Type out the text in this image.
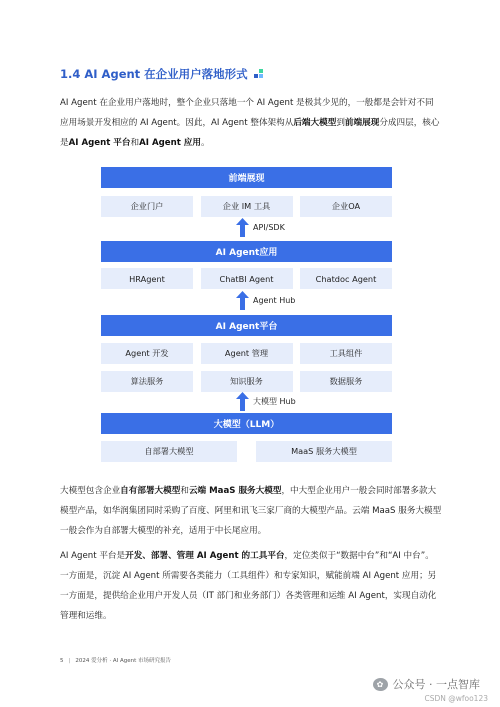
1.4 AI Agent 在企业用户落地形式
AI Agent 在企业用户落地时，整个企业只落地一个 AI Agent 是极其少见的，一般都是会针对不同应用场景开发相应的 AI Agent。因此，AI Agent 整体架构从后端大模型到前端展现分成四层，核心是AI Agent 平台和AI Agent 应用。
前端展现
企业门户	企业 IM 工具	企业OA
API/SDK
AI Agent应用
HRAgent	ChatBI Agent	Chatdoc Agent
Agent Hub
AI Agent平台
Agent 开发	Agent 管理	工具组件
算法服务	知识服务	数据服务
大模型 Hub
大模型（LLM）
自部署大模型	MaaS 服务大模型
大模型包含企业自有部署大模型和云端 MaaS 服务大模型，中大型企业用户一般会同时部署多款大模型产品，如华润集团同时采购了百度、阿里和讯飞三家厂商的大模型产品。云端 MaaS 服务大模型一般会作为自部署大模型的补充，适用于中长尾应用。
AI Agent 平台是开发、部署、管理 AI Agent 的工具平台，定位类似于“数据中台”和“AI 中台”。一方面是，沉淀 AI Agent 所需要各类能力（工具组件）和专家知识，赋能前端 AI Agent 应用；另一方面是，提供给企业用户开发人员（IT 部门和业务部门）各类管理和运维 AI Agent，实现自动化管理和运维。
5 | 2024 爱分析 · AI Agent 市场研究报告
✿ 公众号 · 一点智库
CSDN @wfoo123
